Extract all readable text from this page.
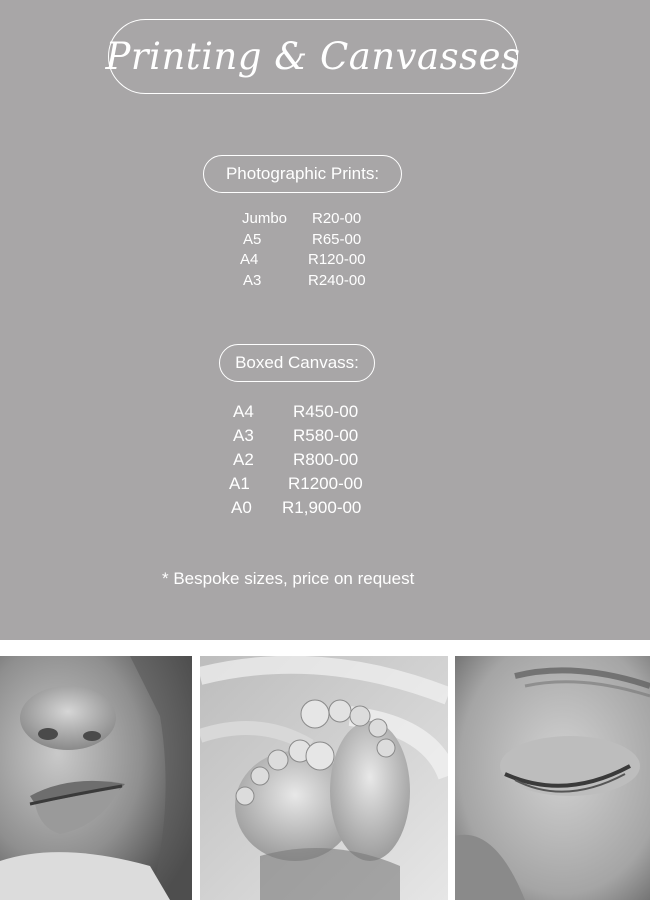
Printing & Canvasses
Photographic Prints:
Jumbo R20-00
A5	R65-00
A4	R120-00
A3	R240-00
Boxed Canvass:
A4 R450-00
A3 R580-00
A2 R800-00
A1 R1200-00
A0 R1,900-00
* Bespoke sizes, price on request
